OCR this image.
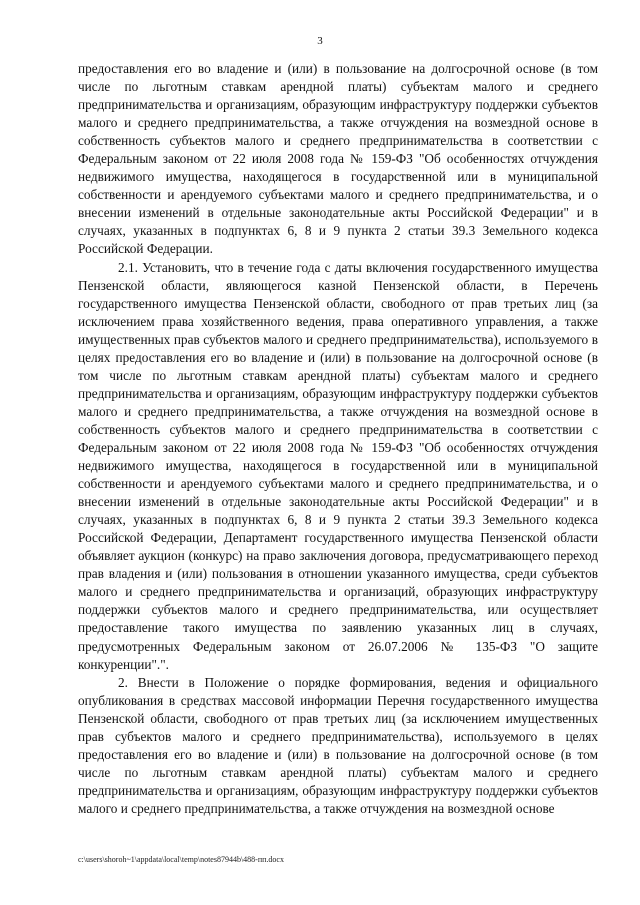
3

предоставления его во владение и (или) в пользование на долгосрочной основе (в том числе по льготным ставкам арендной платы) субъектам малого и среднего предпринимательства и организациям, образующим инфраструктуру поддержки субъектов малого и среднего предпринимательства, а также отчуждения на возмездной основе в собственность субъектов малого и среднего предпринимательства в соответствии с Федеральным законом от 22 июля 2008 года № 159-ФЗ "Об особенностях отчуждения недвижимого имущества, находящегося в государственной или в муниципальной собственности и арендуемого субъектами малого и среднего предпринимательства, и о внесении изменений в отдельные законодательные акты Российской Федерации" и в случаях, указанных в подпунктах 6, 8 и 9 пункта 2 статьи 39.3 Земельного кодекса Российской Федерации.

2.1. Установить, что в течение года с даты включения государственного имущества Пензенской области, являющегося казной Пензенской области, в Перечень государственного имущества Пензенской области, свободного от прав третьих лиц (за исключением права хозяйственного ведения, права оперативного управления, а также имущественных прав субъектов малого и среднего предпринимательства), используемого в целях предоставления его во владение и (или) в пользование на долгосрочной основе (в том числе по льготным ставкам арендной платы) субъектам малого и среднего предпринимательства и организациям, образующим инфраструктуру поддержки субъектов малого и среднего предпринимательства, а также отчуждения на возмездной основе в собственность субъектов малого и среднего предпринимательства в соответствии с Федеральным законом от 22 июля 2008 года № 159-ФЗ "Об особенностях отчуждения недвижимого имущества, находящегося в государственной или в муниципальной собственности и арендуемого субъектами малого и среднего предпринимательства, и о внесении изменений в отдельные законодательные акты Российской Федерации" и в случаях, указанных в подпунктах 6, 8 и 9 пункта 2 статьи 39.3 Земельного кодекса Российской Федерации, Департамент государственного имущества Пензенской области объявляет аукцион (конкурс) на право заключения договора, предусматривающего переход прав владения и (или) пользования в отношении указанного имущества, среди субъектов малого и среднего предпринимательства и организаций, образующих инфраструктуру поддержки субъектов малого и среднего предпринимательства, или осуществляет предоставление такого имущества по заявлению указанных лиц в случаях, предусмотренных Федеральным законом от 26.07.2006 № 135-ФЗ "О защите конкуренции".".

2. Внести в Положение о порядке формирования, ведения и официального опубликования в средствах массовой информации Перечня государственного имущества Пензенской области, свободного от прав третьих лиц (за исключением имущественных прав субъектов малого и среднего предпринимательства), используемого в целях предоставления его во владение и (или) в пользование на долгосрочной основе (в том числе по льготным ставкам арендной платы) субъектам малого и среднего предпринимательства и организациям, образующим инфраструктуру поддержки субъектов малого и среднего предпринимательства, а также отчуждения на возмездной основе

c:\users\shoroh~1\appdata\local\temp\notes87944b\488-пп.docx
